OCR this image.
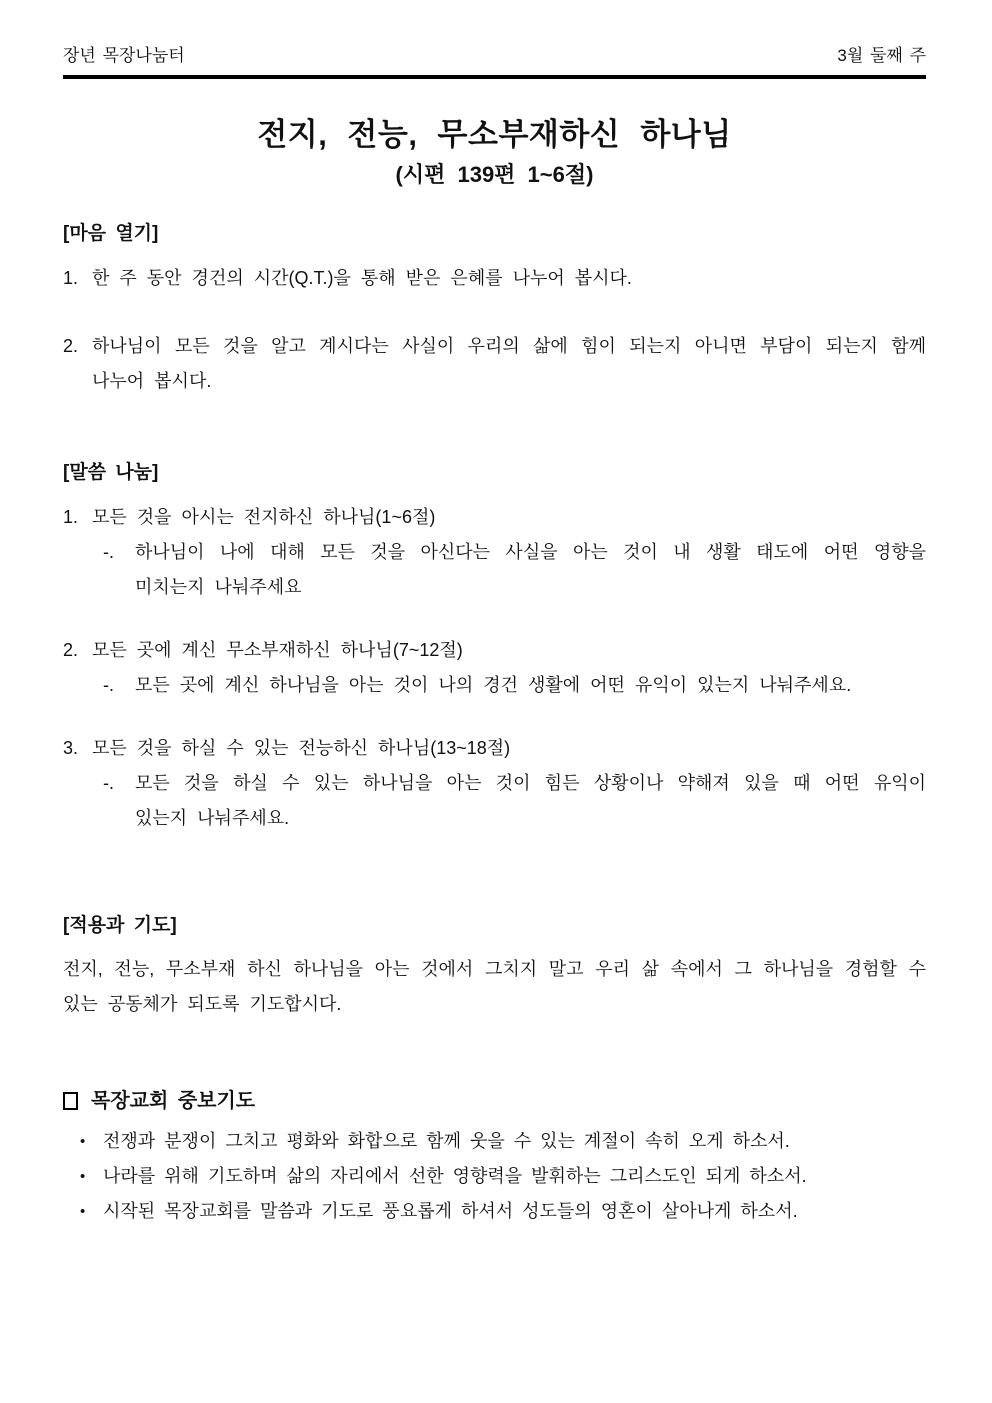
장년 목장나눔터	3월 둘째 주
전지, 전능, 무소부재하신 하나님
(시편 139편 1~6절)
[마음 열기]
1. 한 주 동안 경건의 시간(Q.T.)을 통해 받은 은혜를 나누어 봅시다.
2. 하나님이 모든 것을 알고 계시다는 사실이 우리의 삶에 힘이 되는지 아니면 부담이 되는지 함께 나누어 봅시다.
[말씀 나눔]
1. 모든 것을 아시는 전지하신 하나님(1~6절)
-.	하나님이 나에 대해 모든 것을 아신다는 사실을 아는 것이 내 생활 태도에 어떤 영향을 미치는지 나눠주세요
2. 모든 곳에 계신 무소부재하신 하나님(7~12절)
-.	모든 곳에 계신 하나님을 아는 것이 나의 경건 생활에 어떤 유익이 있는지 나눠주세요.
3. 모든 것을 하실 수 있는 전능하신 하나님(13~18절)
-.	모든 것을 하실 수 있는 하나님을 아는 것이 힘든 상황이나 약해져 있을 때 어떤 유익이 있는지 나눠주세요.
[적용과 기도]

전지, 전능, 무소부재 하신 하나님을 아는 것에서 그치지 말고 우리 삶 속에서 그 하나님을 경험할 수 있는 공동체가 되도록 기도합시다.

목장교회 중보기도
• 전쟁과 분쟁이 그치고 평화와 화합으로 함께 웃을 수 있는 계절이 속히 오게 하소서.
• 나라를 위해 기도하며 삶의 자리에서 선한 영향력을 발휘하는 그리스도인 되게 하소서.
• 시작된 목장교회를 말씀과 기도로 풍요롭게 하셔서 성도들의 영혼이 살아나게 하소서.
